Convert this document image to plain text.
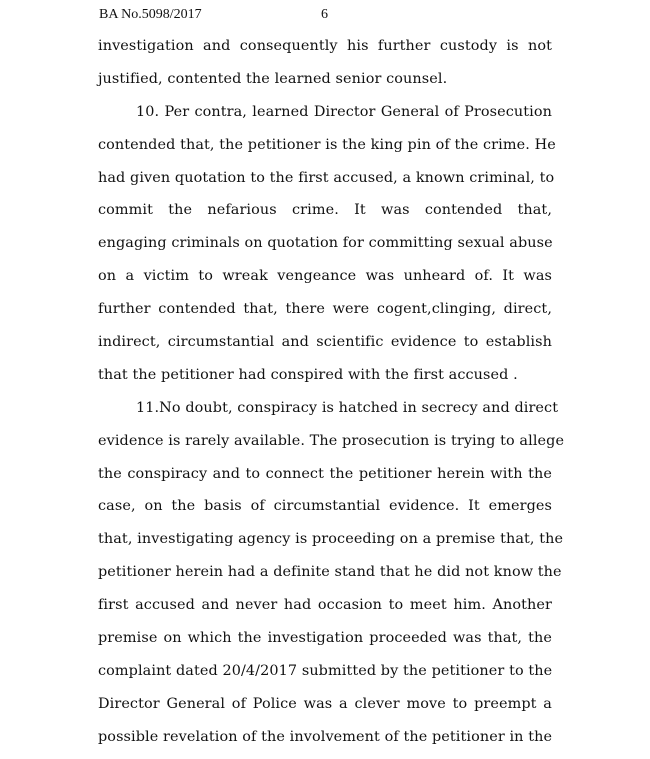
BA No.5098/2017	6
investigation and consequently his further custody is not
justified, contented the learned senior counsel.
10. Per contra, learned Director General of Prosecution
contended that, the petitioner is the king pin of the crime. He
had given quotation to the first accused, a known criminal, to
commit the nefarious crime. It was contended that,
engaging criminals on quotation for committing sexual abuse
on a victim to wreak vengeance was unheard of. It was
further contended that, there were cogent,clinging, direct,
indirect, circumstantial and scientific evidence to establish
that the petitioner had conspired with the first accused .
11.No doubt, conspiracy is hatched in secrecy and direct
evidence is rarely available. The prosecution is trying to allege
the conspiracy and to connect the petitioner herein with the
case, on the basis of circumstantial evidence. It emerges
that, investigating agency is proceeding on a premise that, the
petitioner herein had a definite stand that he did not know the
first accused and never had occasion to meet him. Another
premise on which the investigation proceeded was that, the
complaint dated 20/4/2017 submitted by the petitioner to the
Director General of Police was a clever move to preempt a
possible revelation of the involvement of the petitioner in the
